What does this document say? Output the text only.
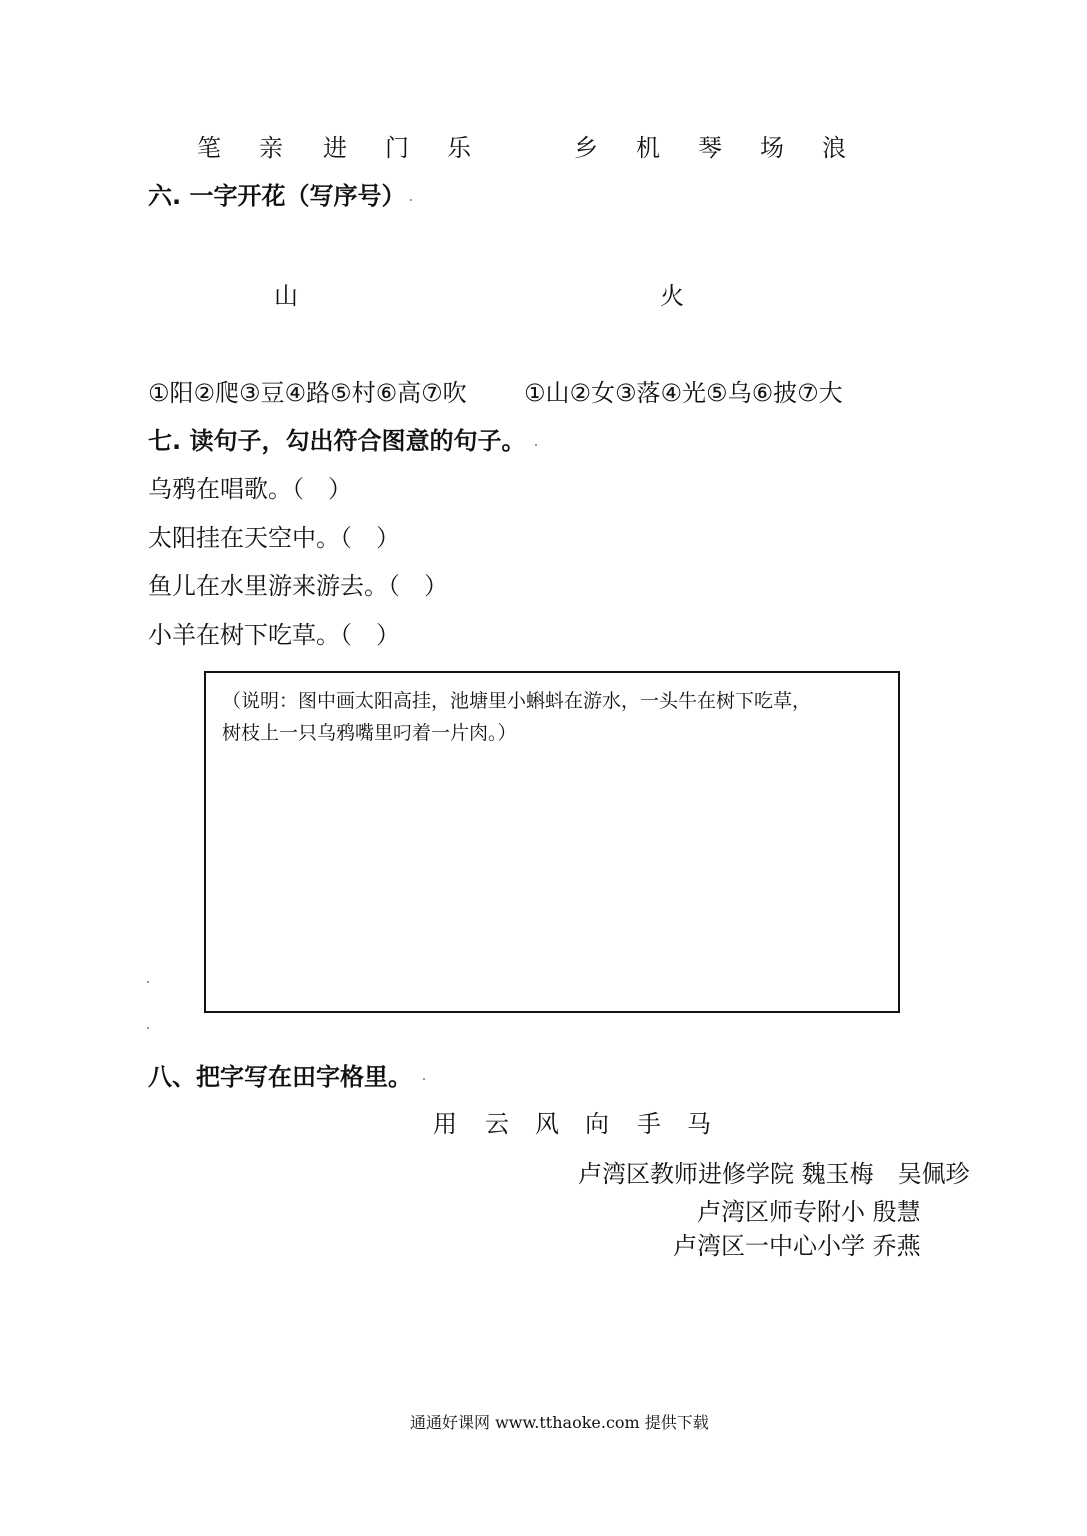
笔 亲 进 门 乐	乡 机 琴 场 浪
六. 一字开花（写序号）
山	火
①阳②爬③豆④路⑤村⑥高⑦吹 ①山②女③落④光⑤乌⑥披⑦大
七. 读句子，勾出符合图意的句子。
乌鸦在唱歌。（　）
太阳挂在天空中。（　）
鱼儿在水里游来游去。（　）
小羊在树下吃草。（　）
（说明：图中画太阳高挂，池塘里小蝌蚪在游水，一头牛在树下吃草，
树枝上一只乌鸦嘴里叼着一片肉。）
八、把字写在田字格里。
用 云 风 向 手 马
卢湾区教师进修学院 魏玉梅　吴佩珍
卢湾区师专附小 殷慧
卢湾区一中心小学 乔燕
通通好课网 www.tthaoke.com 提供下载
